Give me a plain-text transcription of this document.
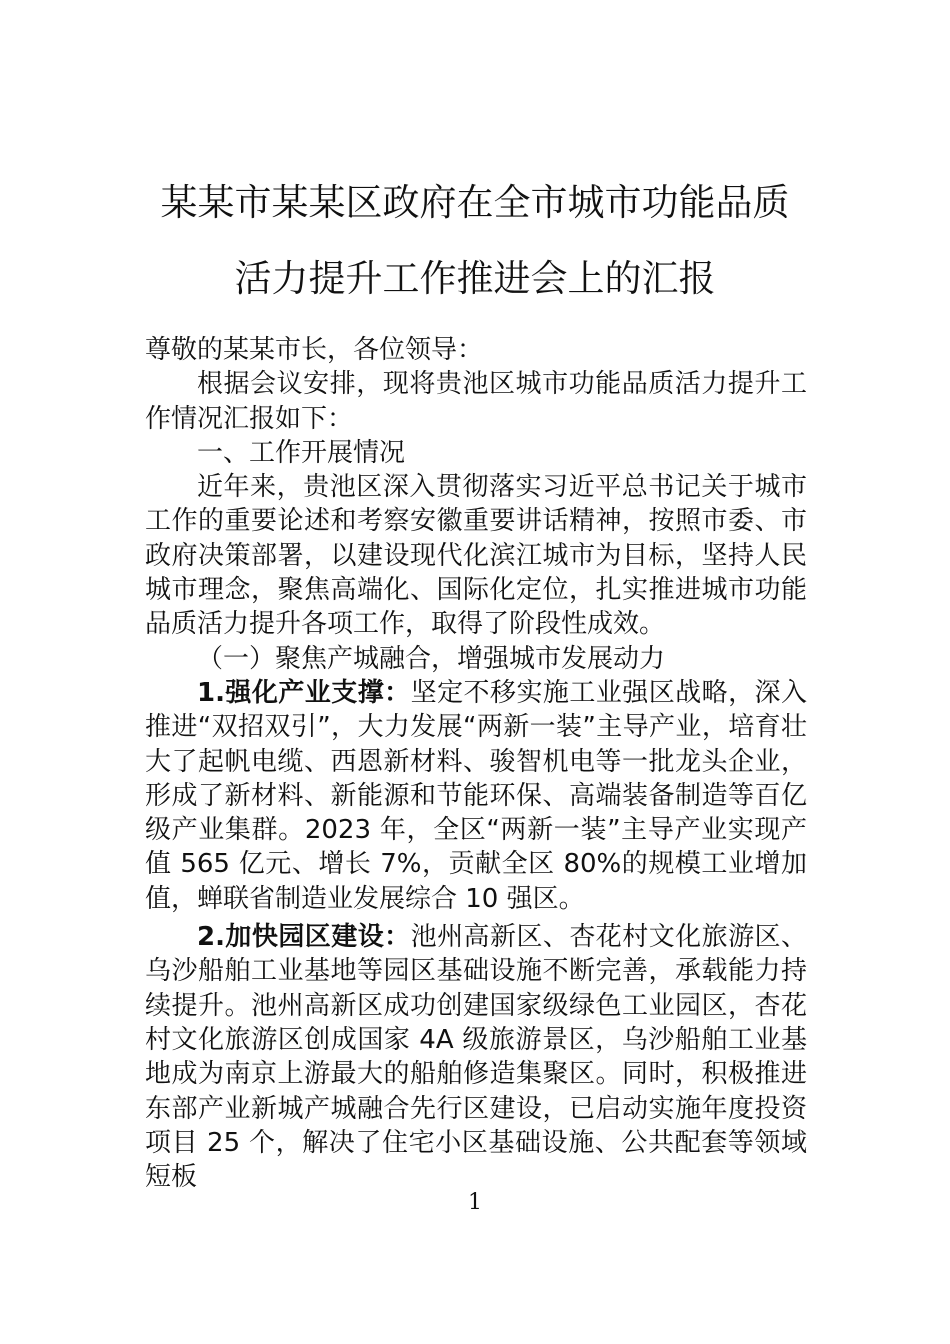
某某市某某区政府在全市城市功能品质活力提升工作推进会上的汇报

尊敬的某某市长，各位领导：

根据会议安排，现将贵池区城市功能品质活力提升工作情况汇报如下：

一、工作开展情况

近年来，贵池区深入贯彻落实习近平总书记关于城市工作的重要论述和考察安徽重要讲话精神，按照市委、市政府决策部署，以建设现代化滨江城市为目标，坚持人民城市理念，聚焦高端化、国际化定位，扎实推进城市功能品质活力提升各项工作，取得了阶段性成效。

（一）聚焦产城融合，增强城市发展动力

1.强化产业支撑：坚定不移实施工业强区战略，深入推进“双招双引”，大力发展“两新一装”主导产业，培育壮大了起帆电缆、西恩新材料、骏智机电等一批龙头企业，形成了新材料、新能源和节能环保、高端装备制造等百亿级产业集群。2023 年，全区“两新一装”主导产业实现产值 565 亿元、增长 7%，贡献全区 80%的规模工业增加值，蝉联省制造业发展综合 10 强区。

2.加快园区建设：池州高新区、杏花村文化旅游区、乌沙船舶工业基地等园区基础设施不断完善，承载能力持续提升。池州高新区成功创建国家级绿色工业园区，杏花村文化旅游区创成国家 4A 级旅游景区，乌沙船舶工业基地成为南京上游最大的船舶修造集聚区。同时，积极推进东部产业新城产城融合先行区建设，已启动实施年度投资项目 25 个，解决了住宅小区基础设施、公共配套等领域短板

1
